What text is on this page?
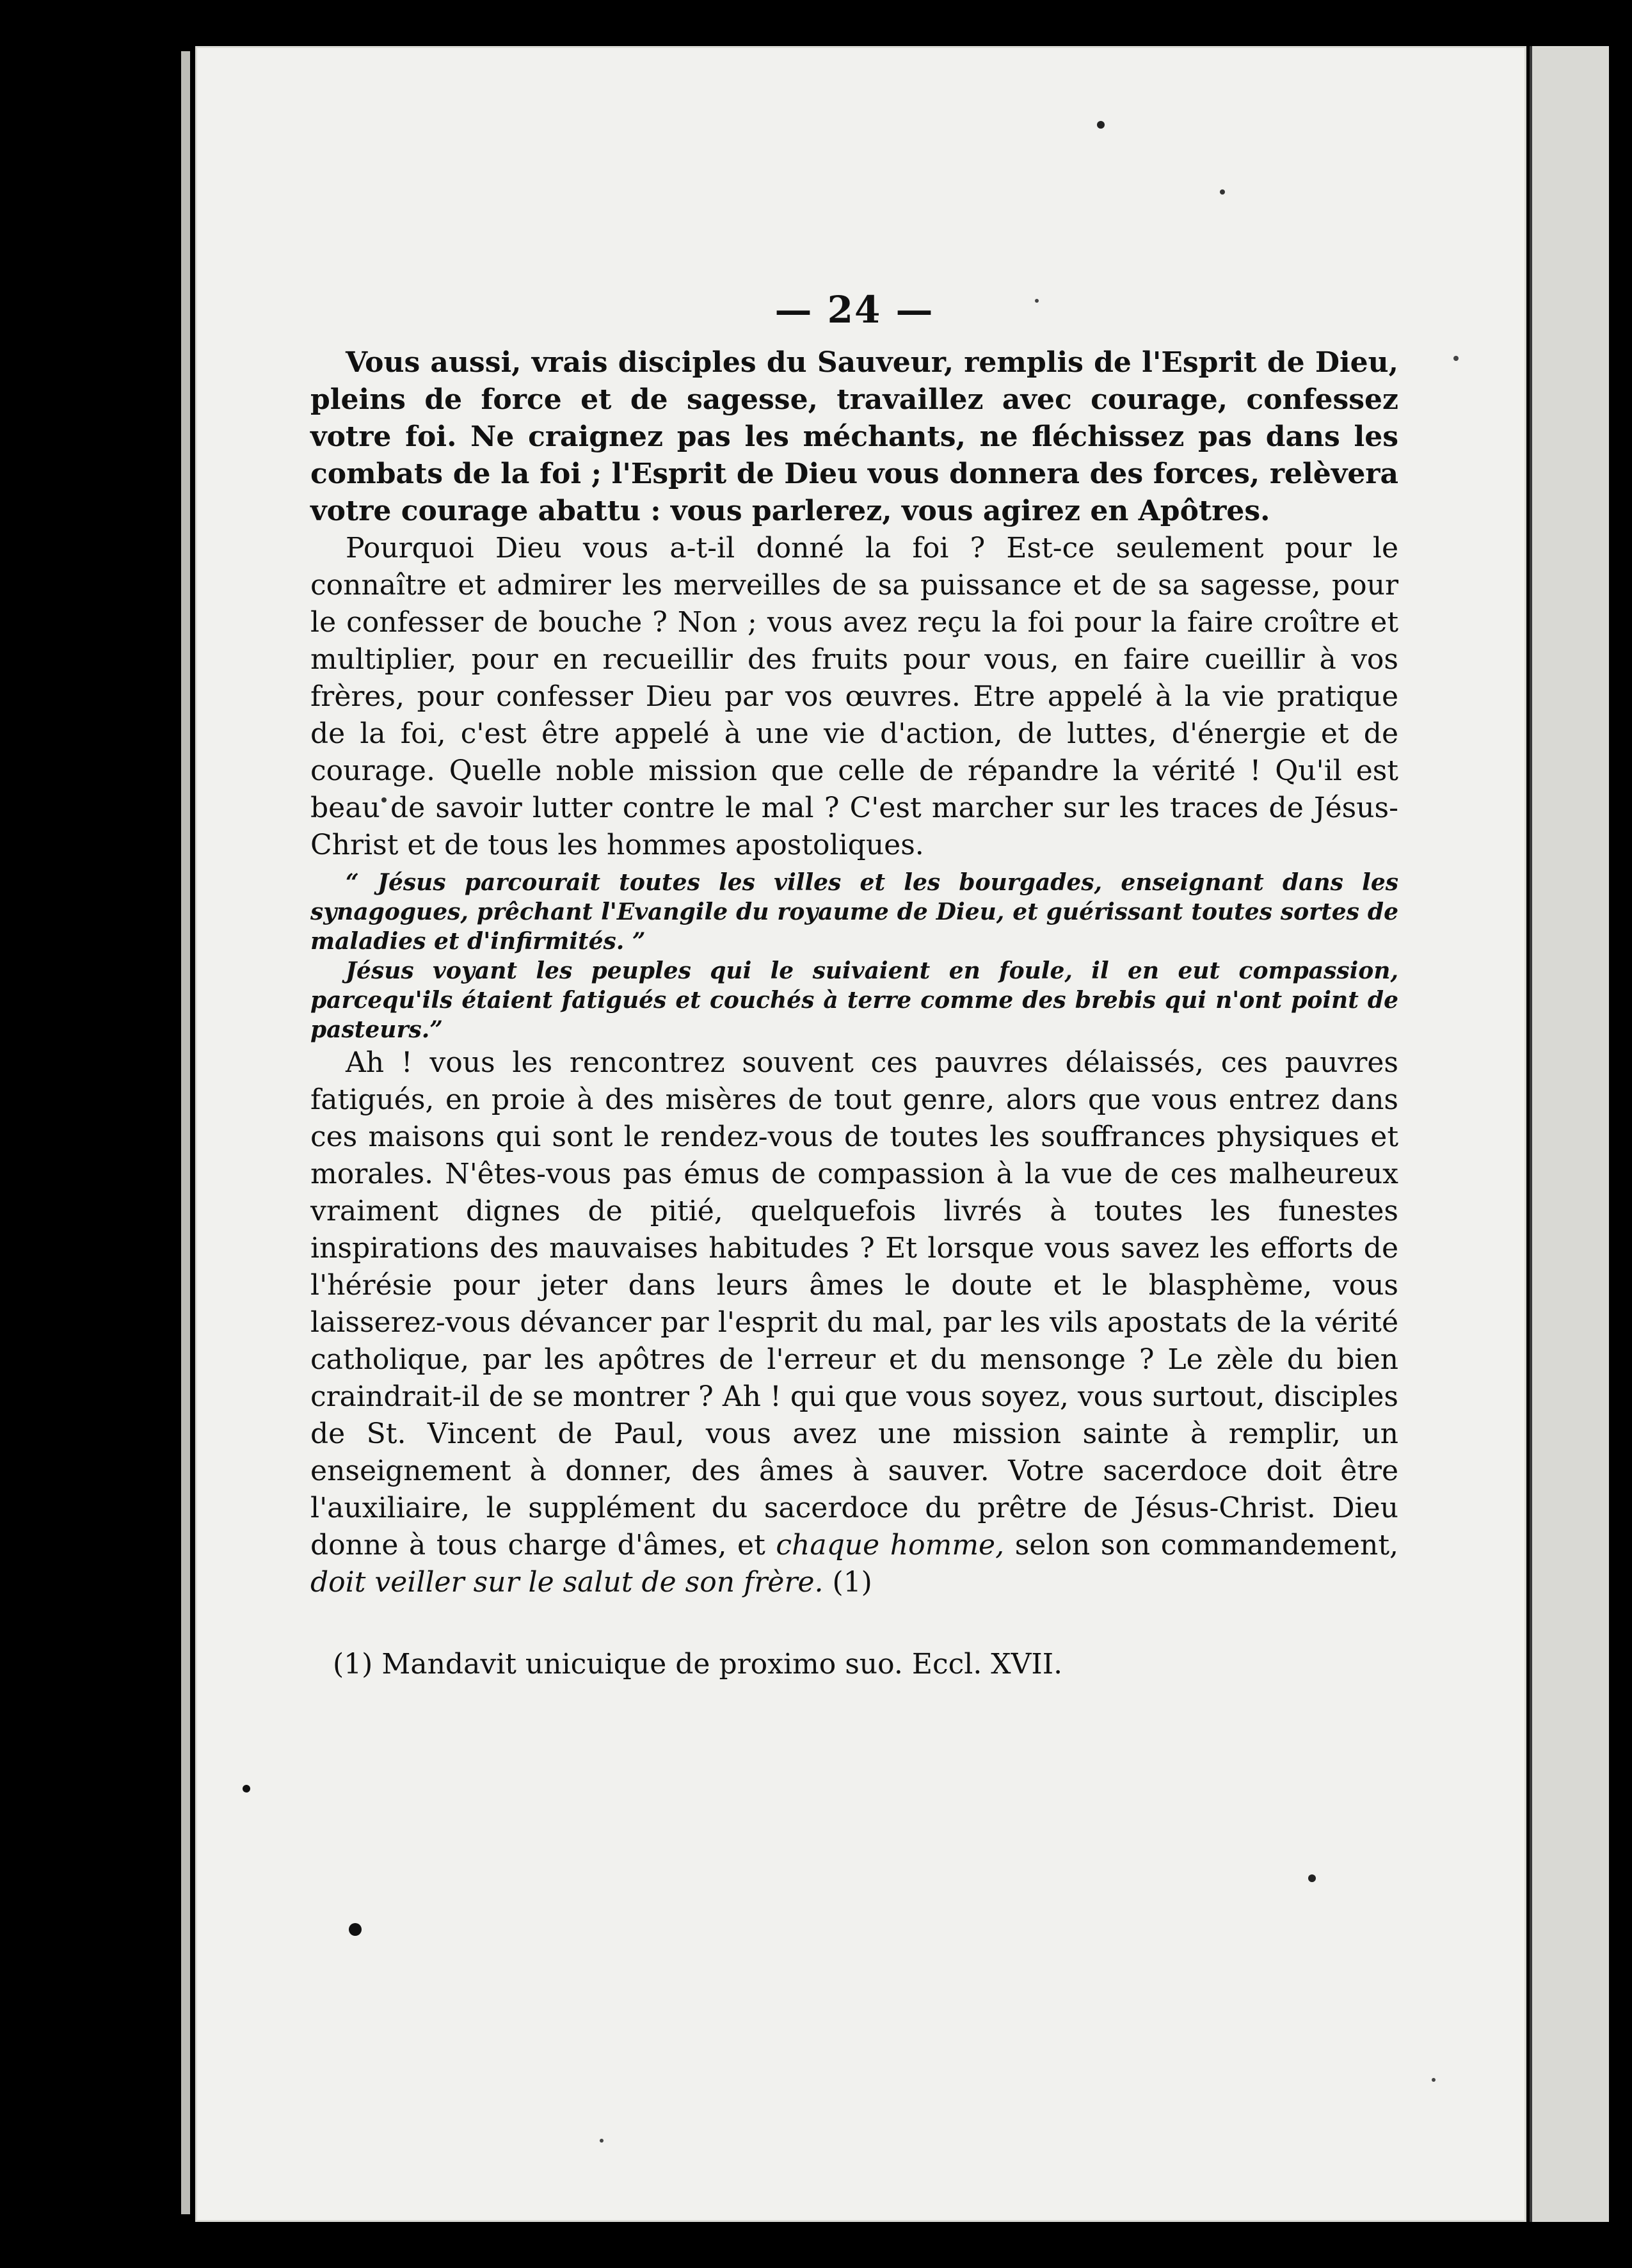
— 24 —

Vous aussi, vrais disciples du Sauveur, remplis de l'Esprit de Dieu, pleins de force et de sagesse, travaillez avec courage, confessez votre foi. Ne craignez pas les méchants, ne fléchissez pas dans les combats de la foi ; l'Esprit de Dieu vous donnera des forces, relèvera votre courage abattu : vous parlerez, vous agirez en Apôtres.

Pourquoi Dieu vous a-t-il donné la foi ? Est-ce seulement pour le connaître et admirer les merveilles de sa puissance et de sa sagesse, pour le confesser de bouche ? Non ; vous avez reçu la foi pour la faire croître et multiplier, pour en recueillir des fruits pour vous, en faire cueillir à vos frères, pour confesser Dieu par vos œuvres. Etre appelé à la vie pratique de la foi, c'est être appelé à une vie d'action, de luttes, d'énergie et de courage. Quelle noble mission que celle de répandre la vérité ! Qu'il est beau de savoir lutter contre le mal ? C'est marcher sur les traces de Jésus-Christ et de tous les hommes apostoliques.

“ Jésus parcourait toutes les villes et les bourgades, enseignant dans les synagogues, prêchant l'Evangile du royaume de Dieu, et guérissant toutes sortes de maladies et d'infirmités. ”

Jésus voyant les peuples qui le suivaient en foule, il en eut compassion, parcequ'ils étaient fatigués et couchés à terre comme des brebis qui n'ont point de pasteurs.”

Ah ! vous les rencontrez souvent ces pauvres délaissés, ces pauvres fatigués, en proie à des misères de tout genre, alors que vous entrez dans ces maisons qui sont le rendez-vous de toutes les souffrances physiques et morales. N'êtes-vous pas émus de compassion à la vue de ces malheureux vraiment dignes de pitié, quelquefois livrés à toutes les funestes inspirations des mauvaises habitudes ? Et lorsque vous savez les efforts de l'hérésie pour jeter dans leurs âmes le doute et le blasphème, vous laisserez-vous dévancer par l'esprit du mal, par les vils apostats de la vérité catholique, par les apôtres de l'erreur et du mensonge ? Le zèle du bien craindrait-il de se montrer ? Ah ! qui que vous soyez, vous surtout, disciples de St. Vincent de Paul, vous avez une mission sainte à remplir, un enseignement à donner, des âmes à sauver. Votre sacerdoce doit être l'auxiliaire, le supplément du sacerdoce du prêtre de Jésus-Christ. Dieu donne à tous charge d'âmes, et chaque homme, selon son commandement, doit veiller sur le salut de son frère. (1)

(1) Mandavit unicuique de proximo suo. Eccl. XVII.
